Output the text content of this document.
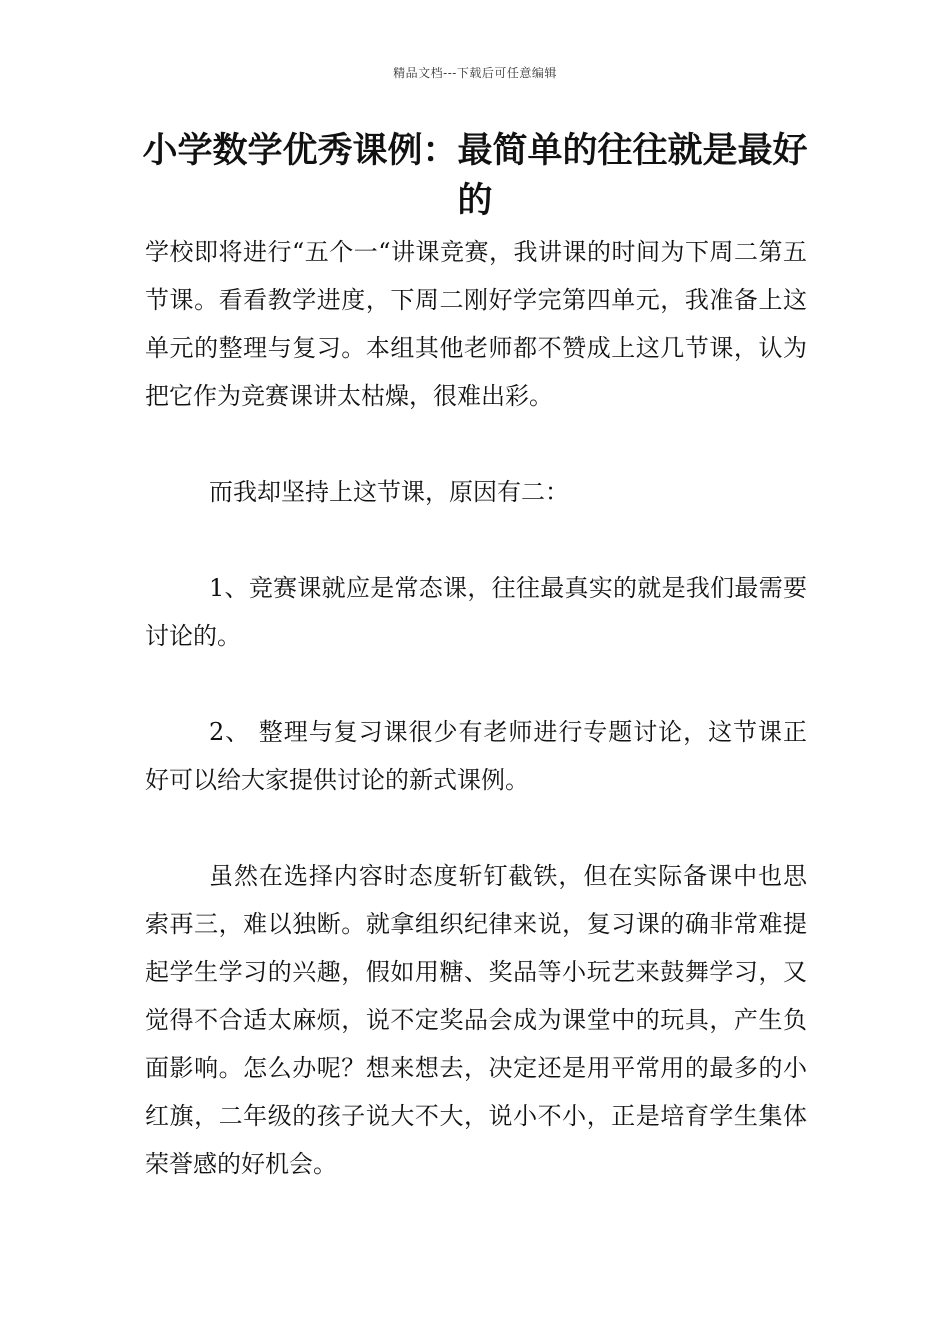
精品文档---下载后可任意编辑
小学数学优秀课例：最简单的往往就是最好的

学校即将进行“五个一“讲课竞赛，我讲课的时间为下周二第五节课。看看教学进度，下周二刚好学完第四单元，我准备上这单元的整理与复习。本组其他老师都不赞成上这几节课，认为把它作为竞赛课讲太枯燥，很难出彩。

而我却坚持上这节课，原因有二：

1、竞赛课就应是常态课，往往最真实的就是我们最需要讨论的。

2、 整理与复习课很少有老师进行专题讨论，这节课正好可以给大家提供讨论的新式课例。

虽然在选择内容时态度斩钉截铁，但在实际备课中也思索再三，难以独断。就拿组织纪律来说，复习课的确非常难提起学生学习的兴趣，假如用糖、奖品等小玩艺来鼓舞学习，又觉得不合适太麻烦，说不定奖品会成为课堂中的玩具，产生负面影响。怎么办呢？想来想去，决定还是用平常用的最多的小红旗，二年级的孩子说大不大，说小不小，正是培育学生集体荣誉感的好机会。
